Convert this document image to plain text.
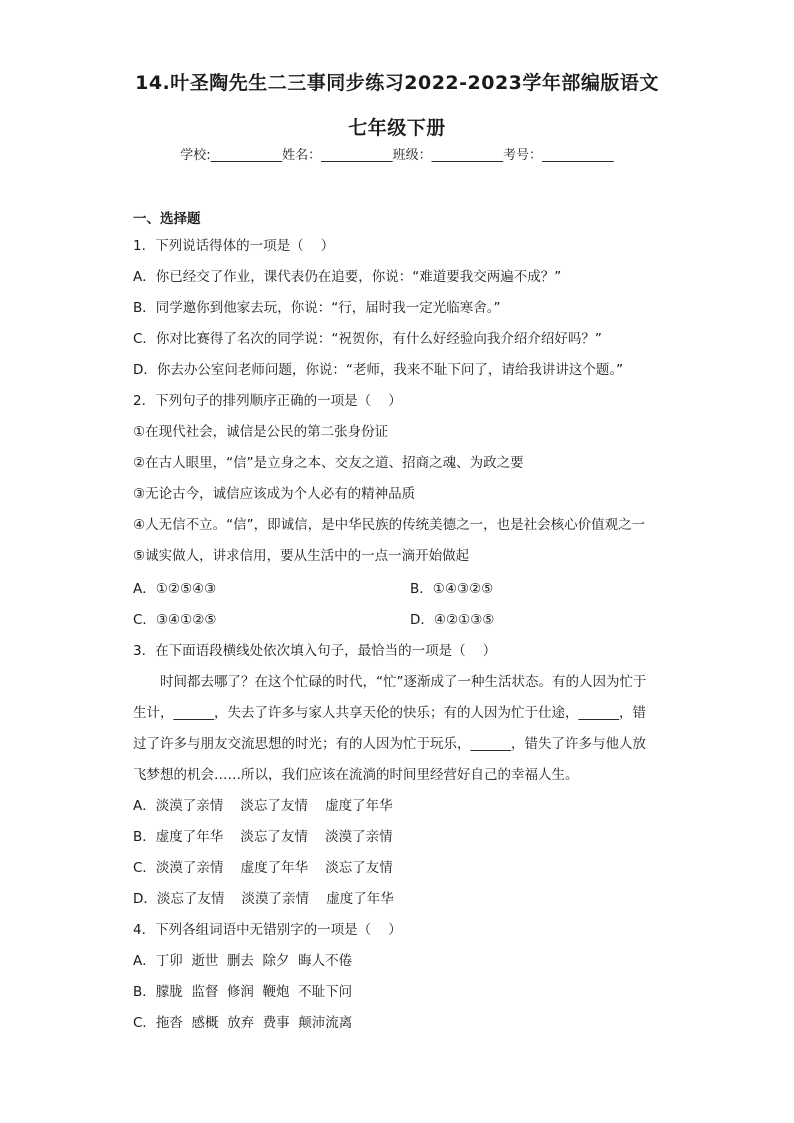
14.叶圣陶先生二三事同步练习2022-2023学年部编版语文
七年级下册
学校:___________姓名：___________班级：___________考号：___________
一、选择题
1．下列说话得体的一项是（    ）
A．你已经交了作业，课代表仍在追要，你说：“难道要我交两遍不成？”
B．同学邀你到他家去玩，你说：“行，届时我一定光临寒舍。”
C．你对比赛得了名次的同学说：“祝贺你，有什么好经验向我介绍介绍好吗？”
D．你去办公室问老师问题，你说：“老师，我来不耻下问了，请给我讲讲这个题。”
2．下列句子的排列顺序正确的一项是（    ）
①在现代社会，诚信是公民的第二张身份证
②在古人眼里，“信”是立身之本、交友之道、招商之魂、为政之要
③无论古今，诚信应该成为个人必有的精神品质
④人无信不立。“信”，即诚信，是中华民族的传统美德之一，也是社会核心价值观之一
⑤诚实做人，讲求信用，要从生活中的一点一滴开始做起
A．①②⑤④③	B．①④③②⑤
C．③④①②⑤	D．④②①③⑤
3．在下面语段横线处依次填入句子，最恰当的一项是（    ）
时间都去哪了？在这个忙碌的时代，“忙”逐渐成了一种生活状态。有的人因为忙于
生计，______，失去了许多与家人共享天伦的快乐；有的人因为忙于仕途，______，错
过了许多与朋友交流思想的时光；有的人因为忙于玩乐，______，错失了许多与他人放
飞梦想的机会……所以，我们应该在流淌的时间里经营好自己的幸福人生。
A．淡漠了亲情    淡忘了友情    虚度了年华
B．虚度了年华    淡忘了友情    淡漠了亲情
C．淡漠了亲情    虚度了年华    淡忘了友情
D．淡忘了友情    淡漠了亲情    虚度了年华
4．下列各组词语中无错别字的一项是（    ）
A．丁卯  逝世  删去  除夕  晦人不倦
B．朦胧  监督  修润  鞭炮  不耻下问
C．拖沓  感概  放弃  费事  颠沛流离
